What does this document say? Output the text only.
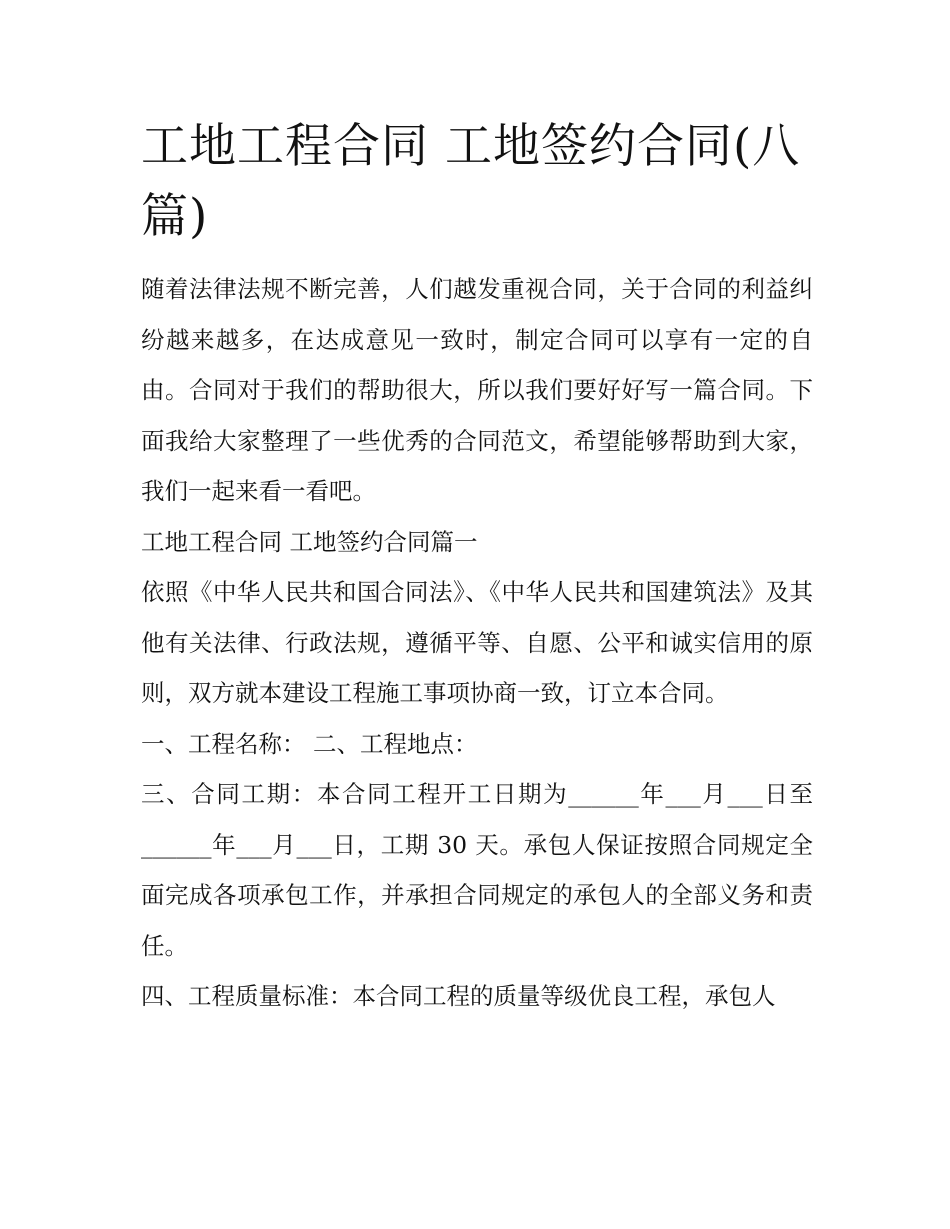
工地工程合同 工地签约合同(八篇)

随着法律法规不断完善，人们越发重视合同，关于合同的利益纠纷越来越多，在达成意见一致时，制定合同可以享有一定的自由。合同对于我们的帮助很大，所以我们要好好写一篇合同。下面我给大家整理了一些优秀的合同范文，希望能够帮助到大家，我们一起来看一看吧。

工地工程合同 工地签约合同篇一

依照《中华人民共和国合同法》、《中华人民共和国建筑法》及其他有关法律、行政法规，遵循平等、自愿、公平和诚实信用的原则，双方就本建设工程施工事项协商一致，订立本合同。

一、工程名称： 二、工程地点：

三、合同工期：本合同工程开工日期为______年___月___日至______年___月___日，工期 30 天。承包人保证按照合同规定全面完成各项承包工作，并承担合同规定的承包人的全部义务和责任。

四、工程质量标准：本合同工程的质量等级优良工程，承包人
